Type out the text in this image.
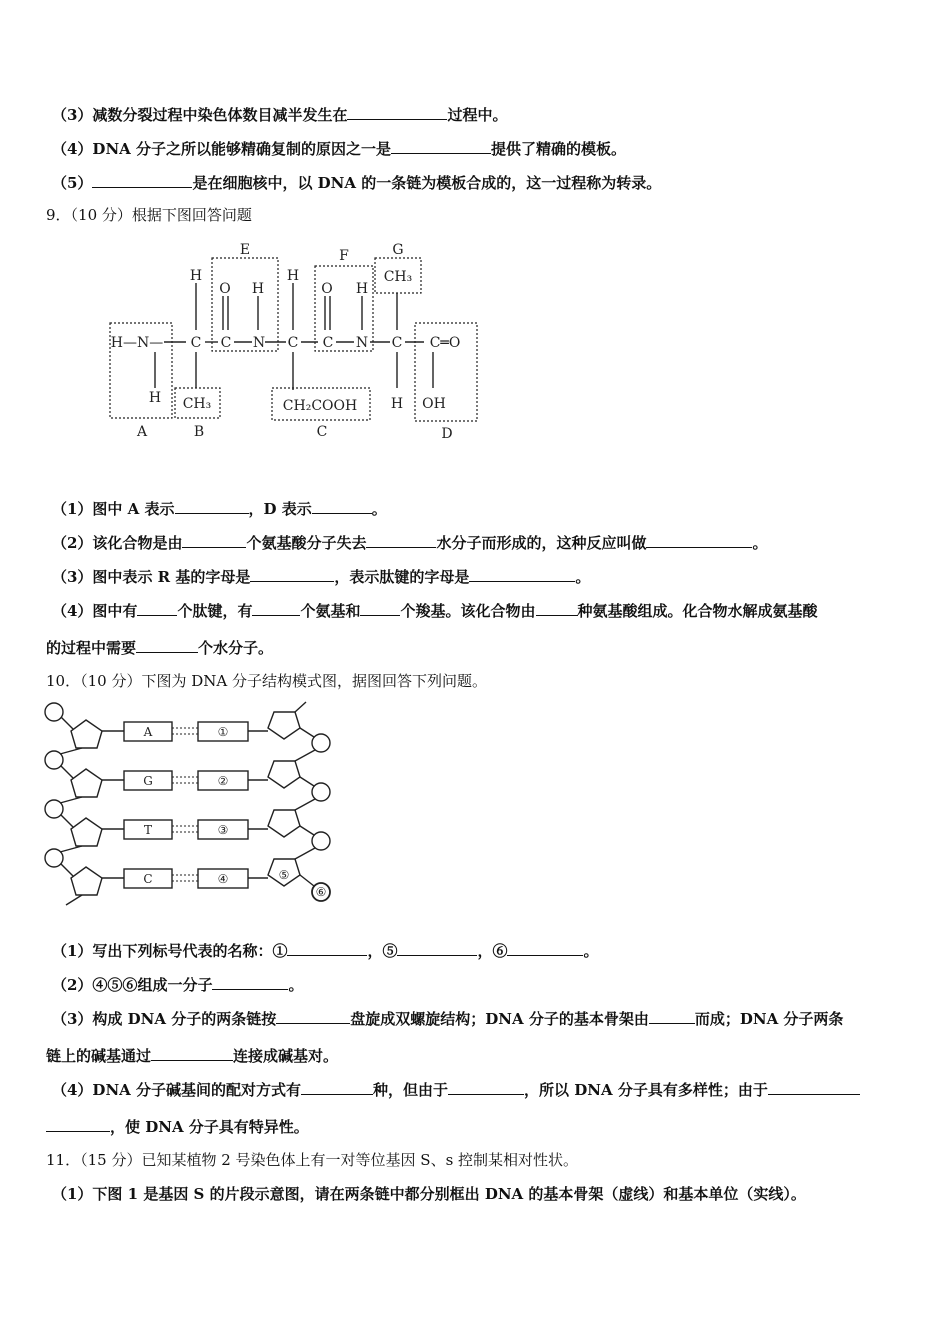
（3）减数分裂过程中染色体数目减半发生在	过程中。
（4）DNA 分子之所以能够精确复制的原因之一是	提供了精确的模板。
（5）	是在细胞核中，以 DNA 的一条链为模板合成的，这一过程称为转录。
9．（10 分）根据下图回答问题
E	F	G
A	B	C	D
H
O H
H
O H
CH₃
H—N— C C N C C N C C═O
H CH₃	CH₂COOH H OH
（1）图中 A 表示	，D 表示	。
（2）该化合物是由	个氨基酸分子失去	水分子而形成的，这种反应叫做	。
（3）图中表示 R 基的字母是	，表示肽键的字母是	。
（4）图中有	个肽键，有	个氨基和	个羧基。该化合物由	种氨基酸组成。化合物水解成氨基酸
的过程中需要	个水分子。
10．（10 分）下图为 DNA 分子结构模式图，据图回答下列问题。
A
G
T
C
①
②
③
④	⑤
⑥
（1）写出下列标号代表的名称：①	，⑤	，⑥	。
（2）④⑤⑥组成一分子	。
（3）构成 DNA 分子的两条链按	盘旋成双螺旋结构；DNA 分子的基本骨架由	而成；DNA 分子两条
链上的碱基通过	连接成碱基对。
（4）DNA 分子碱基间的配对方式有	种，但由于	，所以 DNA 分子具有多样性；由于
，使 DNA 分子具有特异性。
11．（15 分）已知某植物 2 号染色体上有一对等位基因 S、s 控制某相对性状。
（1）下图 1 是基因 S 的片段示意图，请在两条链中都分别框出 DNA 的基本骨架（虚线）和基本单位（实线）。
